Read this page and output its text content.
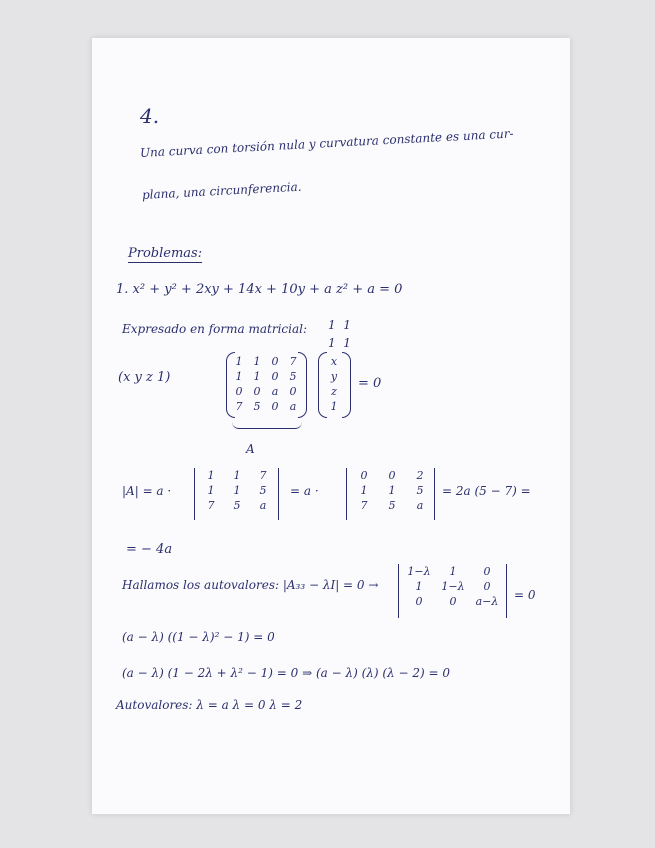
4.
Una curva con torsión nula y curvatura constante es una cur-
plana, una circunferencia.
Problemas:
1. x² + y² + 2xy + 14x + 10y + a z² + a = 0
Expresado en forma matricial: 1  1
1  1
(x y z 1)
1	1	0	7
1	1	0	5
0	0	a	0
7	5	0	a
x
y
z
1
= 0
A
|A| = a ·
1	1	7
1	1	5
7	5	a
= a ·
0	0	2
1	1	5
7	5	a
= 2a (5 − 7) =
= − 4a
Hallamos los autovalores: |A₃₃ − λI| = 0 →
1−λ	1	0
1	1−λ	0
0	0	a−λ	= 0
(a − λ) ((1 − λ)² − 1) = 0
(a − λ) (1 − 2λ + λ² − 1) = 0 ⇒ (a − λ) (λ) (λ − 2) = 0
Autovalores: λ = a λ = 0 λ = 2
